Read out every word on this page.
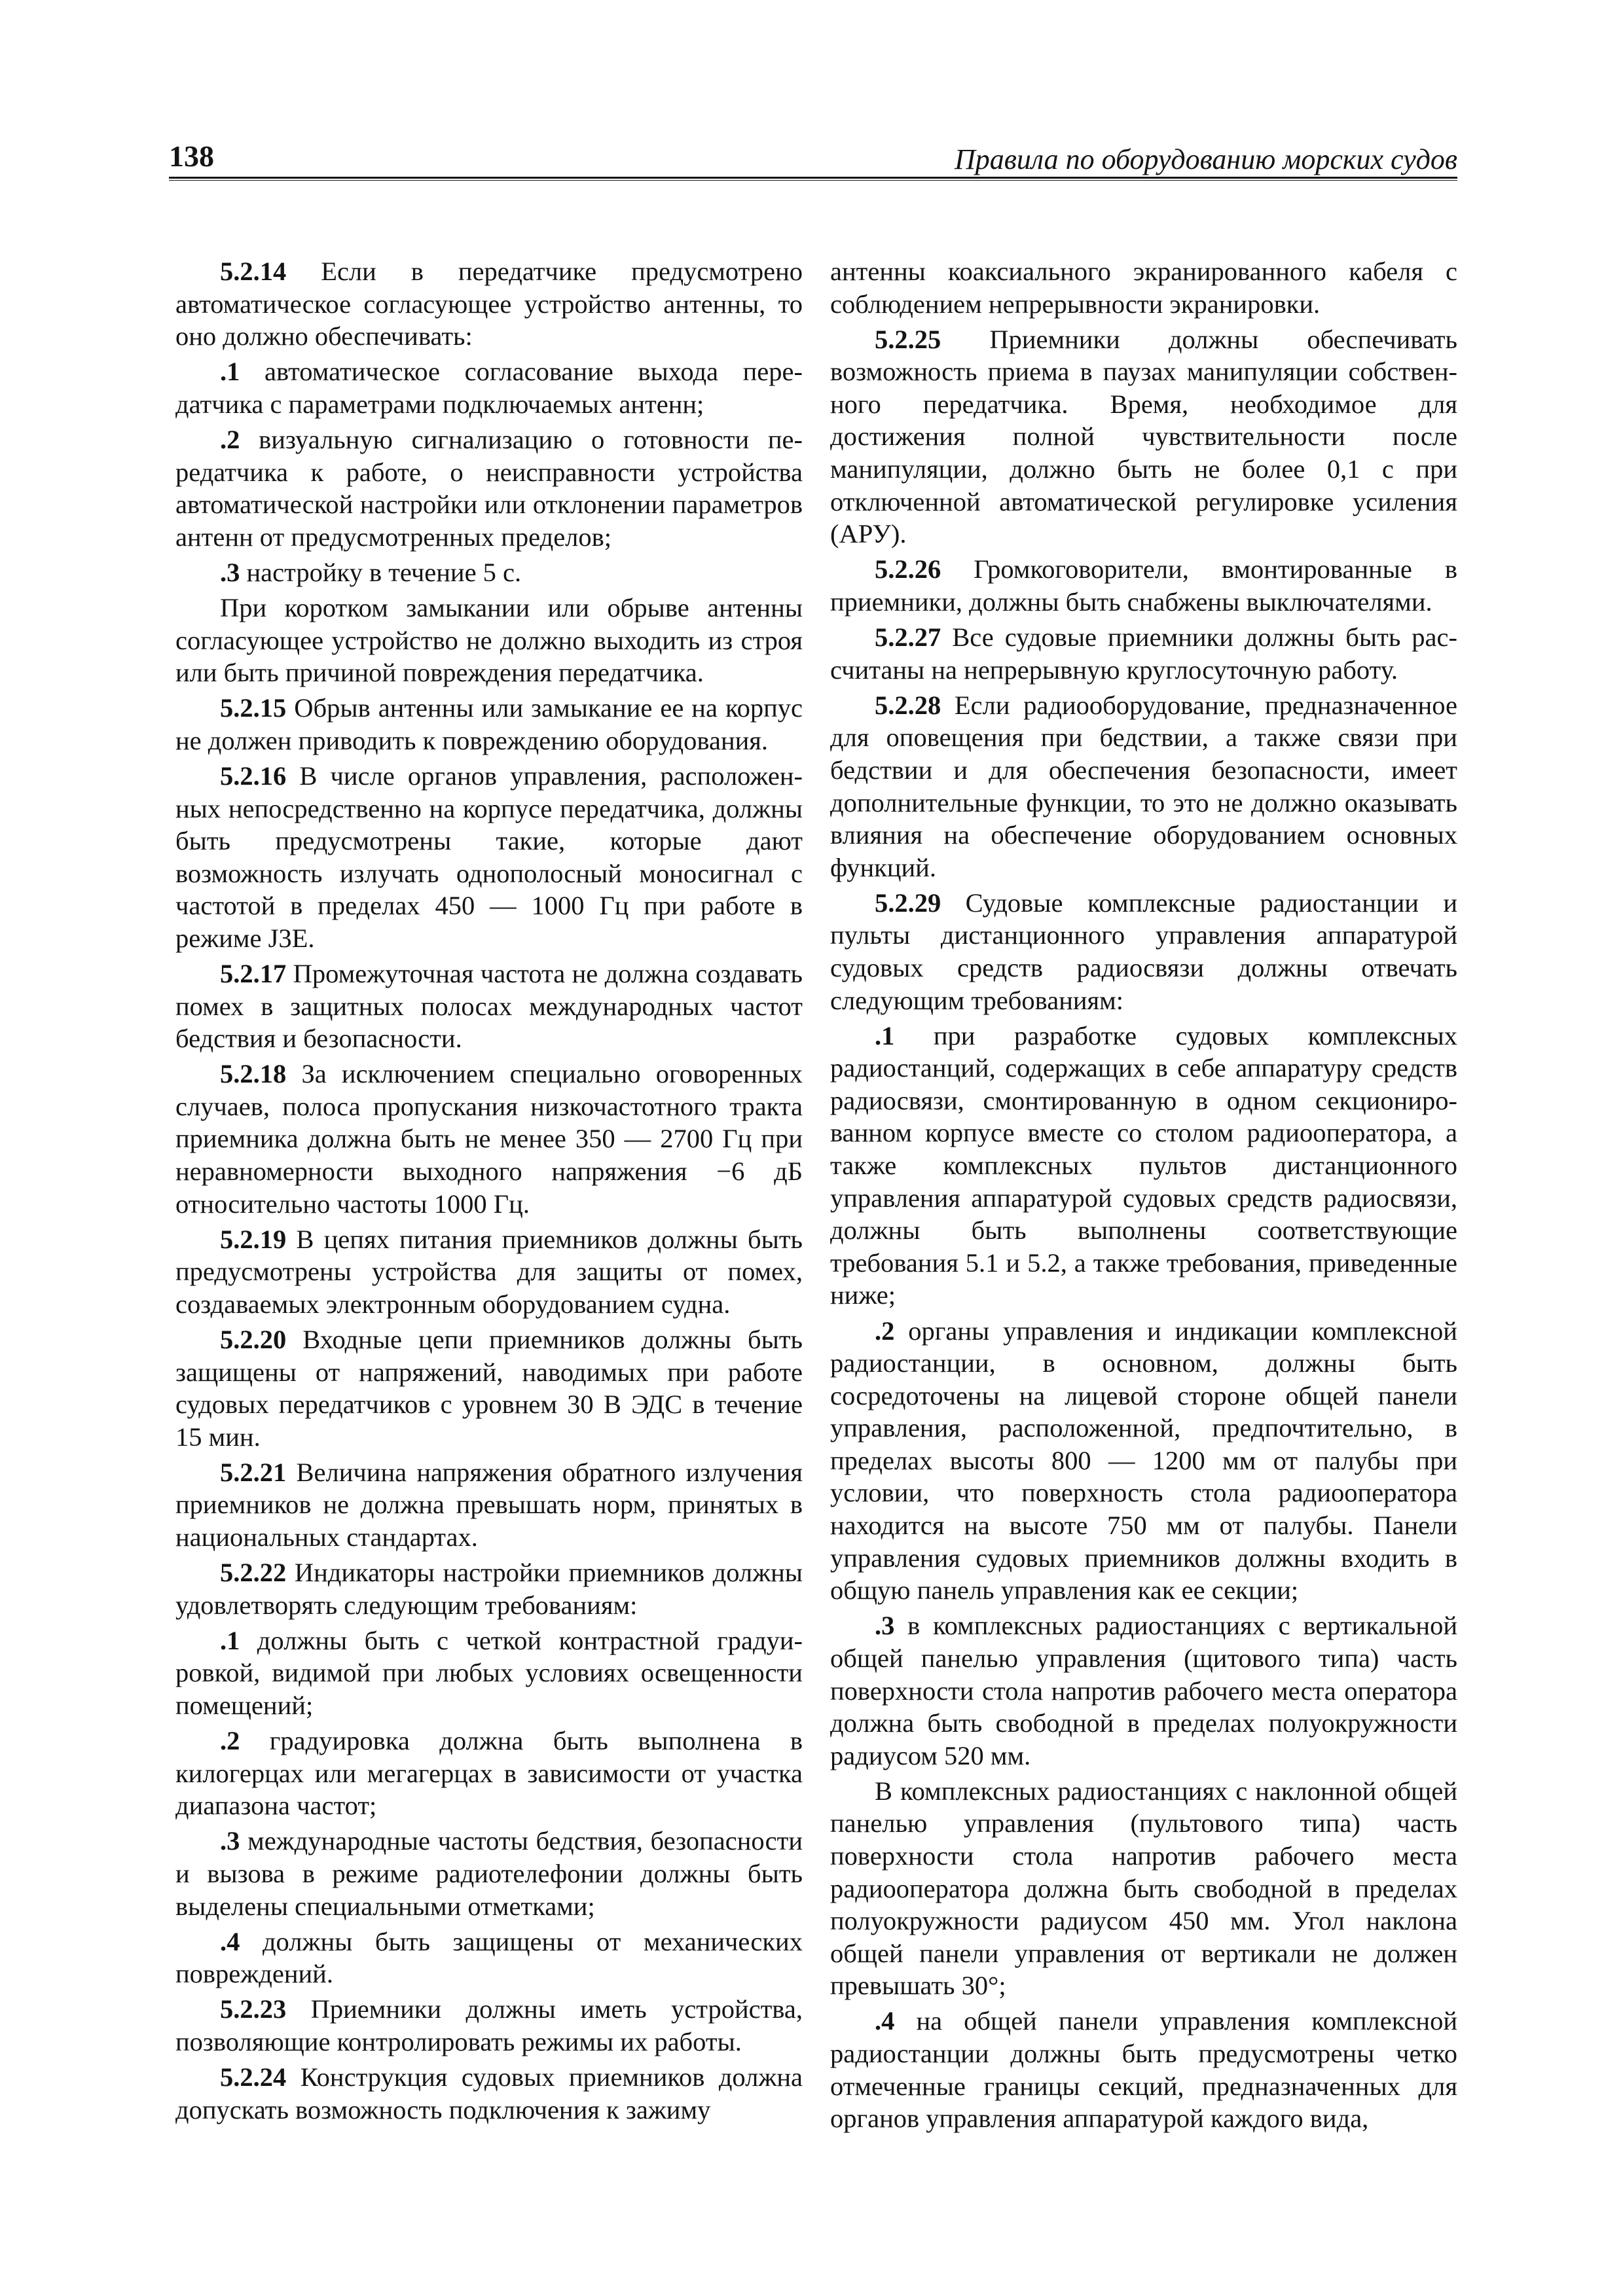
138	Правила по оборудованию морских судов

5.2.14 Если в передатчике предусмотрено автоматическое согласующее устройство антенны, то оно должно обеспечивать:

.1 автоматическое согласование выхода передатчика с параметрами подключаемых антенн;

.2 визуальную сигнализацию о готовности передатчика к работе, о неисправности устройства автоматической настройки или отклонении параметров антенн от предусмотренных пределов;

.3 настройку в течение 5 с.

При коротком замыкании или обрыве антенны согласующее устройство не должно выходить из строя или быть причиной повреждения передатчика.

5.2.15 Обрыв антенны или замыкание ее на корпус не должен приводить к повреждению оборудования.

5.2.16 В числе органов управления, расположенных непосредственно на корпусе передатчика, должны быть предусмотрены такие, которые дают возможность излучать однополосный моносигнал с частотой в пределах 450 — 1000 Гц при работе в режиме J3E.

5.2.17 Промежуточная частота не должна создавать помех в защитных полосах международных частот бедствия и безопасности.

5.2.18 За исключением специально оговоренных случаев, полоса пропускания низкочастотного тракта приемника должна быть не менее 350 — 2700 Гц при неравномерности выходного напряжения −6 дБ относительно частоты 1000 Гц.

5.2.19 В цепях питания приемников должны быть предусмотрены устройства для защиты от помех, создаваемых электронным оборудованием судна.

5.2.20 Входные цепи приемников должны быть защищены от напряжений, наводимых при работе судовых передатчиков с уровнем 30 В ЭДС в течение 15 мин.

5.2.21 Величина напряжения обратного излучения приемников не должна превышать норм, принятых в национальных стандартах.

5.2.22 Индикаторы настройки приемников должны удовлетворять следующим требованиям:

.1 должны быть с четкой контрастной градуировкой, видимой при любых условиях освещенности помещений;

.2 градуировка должна быть выполнена в килогерцах или мегагерцах в зависимости от участка диапазона частот;

.3 международные частоты бедствия, безопасности и вызова в режиме радиотелефонии должны быть выделены специальными отметками;

.4 должны быть защищены от механических повреждений.

5.2.23 Приемники должны иметь устройства, позволяющие контролировать режимы их работы.

5.2.24 Конструкция судовых приемников должна допускать возможность подключения к зажиму

антенны коаксиального экранированного кабеля с соблюдением непрерывности экранировки.

5.2.25 Приемники должны обеспечивать возможность приема в паузах манипуляции собственного передатчика. Время, необходимое для достижения полной чувствительности после манипуляции, должно быть не более 0,1 с при отключенной автоматической регулировке усиления (АРУ).

5.2.26 Громкоговорители, вмонтированные в приемники, должны быть снабжены выключателями.

5.2.27 Все судовые приемники должны быть рассчитаны на непрерывную круглосуточную работу.

5.2.28 Если радиооборудование, предназначенное для оповещения при бедствии, а также связи при бедствии и для обеспечения безопасности, имеет дополнительные функции, то это не должно оказывать влияния на обеспечение оборудованием основных функций.

5.2.29 Судовые комплексные радиостанции и пульты дистанционного управления аппаратурой судовых средств радиосвязи должны отвечать следующим требованиям:

.1 при разработке судовых комплексных радиостанций, содержащих в себе аппаратуру средств радиосвязи, смонтированную в одном секционированном корпусе вместе со столом радиооператора, а также комплексных пультов дистанционного управления аппаратурой судовых средств радиосвязи, должны быть выполнены соответствующие требования 5.1 и 5.2, а также требования, приведенные ниже;

.2 органы управления и индикации комплексной радиостанции, в основном, должны быть сосредоточены на лицевой стороне общей панели управления, расположенной, предпочтительно, в пределах высоты 800 — 1200 мм от палубы при условии, что поверхность стола радиооператора находится на высоте 750 мм от палубы. Панели управления судовых приемников должны входить в общую панель управления как ее секции;

.3 в комплексных радиостанциях с вертикальной общей панелью управления (щитового типа) часть поверхности стола напротив рабочего места оператора должна быть свободной в пределах полуокружности радиусом 520 мм.

В комплексных радиостанциях с наклонной общей панелью управления (пультового типа) часть поверхности стола напротив рабочего места радиооператора должна быть свободной в пределах полуокружности радиусом 450 мм. Угол наклона общей панели управления от вертикали не должен превышать 30°;

.4 на общей панели управления комплексной радиостанции должны быть предусмотрены четко отмеченные границы секций, предназначенных для органов управления аппаратурой каждого вида,
